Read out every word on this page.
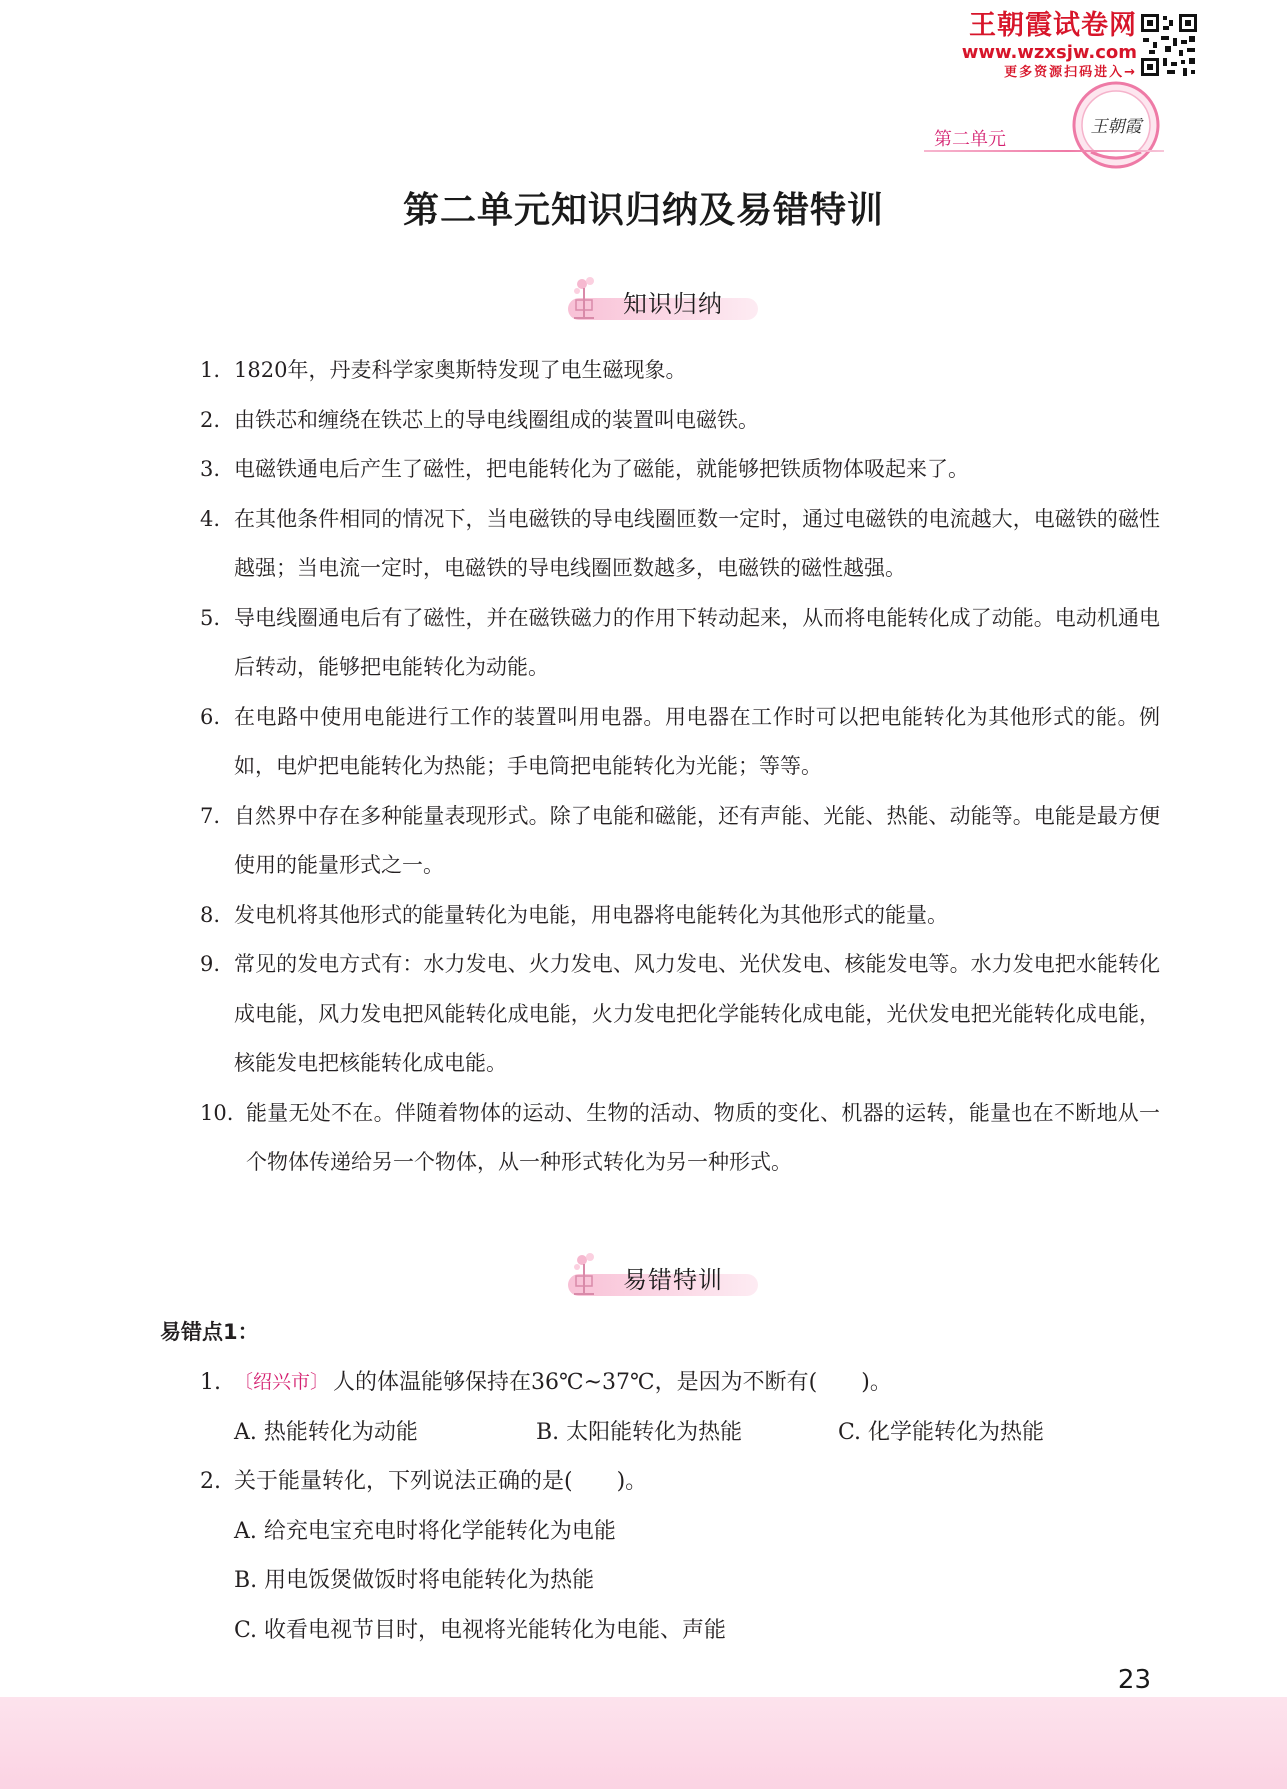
王朝霞试卷网
www.wzxsjw.com
更多资源扫码进入→
王朝霞
第二单元
第二单元知识归纳及易错特训
知识归纳
1. 1820年，丹麦科学家奥斯特发现了电生磁现象。
2. 由铁芯和缠绕在铁芯上的导电线圈组成的装置叫电磁铁。
3. 电磁铁通电后产生了磁性，把电能转化为了磁能，就能够把铁质物体吸起来了。
4. 在其他条件相同的情况下，当电磁铁的导电线圈匝数一定时，通过电磁铁的电流越大，电磁铁的磁性越强；当电流一定时，电磁铁的导电线圈匝数越多，电磁铁的磁性越强。
5. 导电线圈通电后有了磁性，并在磁铁磁力的作用下转动起来，从而将电能转化成了动能。电动机通电后转动，能够把电能转化为动能。
6. 在电路中使用电能进行工作的装置叫用电器。用电器在工作时可以把电能转化为其他形式的能。例如，电炉把电能转化为热能；手电筒把电能转化为光能；等等。
7. 自然界中存在多种能量表现形式。除了电能和磁能，还有声能、光能、热能、动能等。电能是最方便使用的能量形式之一。
8. 发电机将其他形式的能量转化为电能，用电器将电能转化为其他形式的能量。
9. 常见的发电方式有：水力发电、火力发电、风力发电、光伏发电、核能发电等。水力发电把水能转化成电能，风力发电把风能转化成电能，火力发电把化学能转化成电能，光伏发电把光能转化成电能，核能发电把核能转化成电能。
10. 能量无处不在。伴随着物体的运动、生物的活动、物质的变化、机器的运转，能量也在不断地从一个物体传递给另一个物体，从一种形式转化为另一种形式。
易错特训
易错点1：
1. 〔绍兴市〕 人的体温能够保持在36℃~37℃，是因为不断有(　　)。
A. 热能转化为动能	B. 太阳能转化为热能	C. 化学能转化为热能
2. 关于能量转化，下列说法正确的是(　　)。
A. 给充电宝充电时将化学能转化为电能
B. 用电饭煲做饭时将电能转化为热能
C. 收看电视节目时，电视将光能转化为电能、声能
23
